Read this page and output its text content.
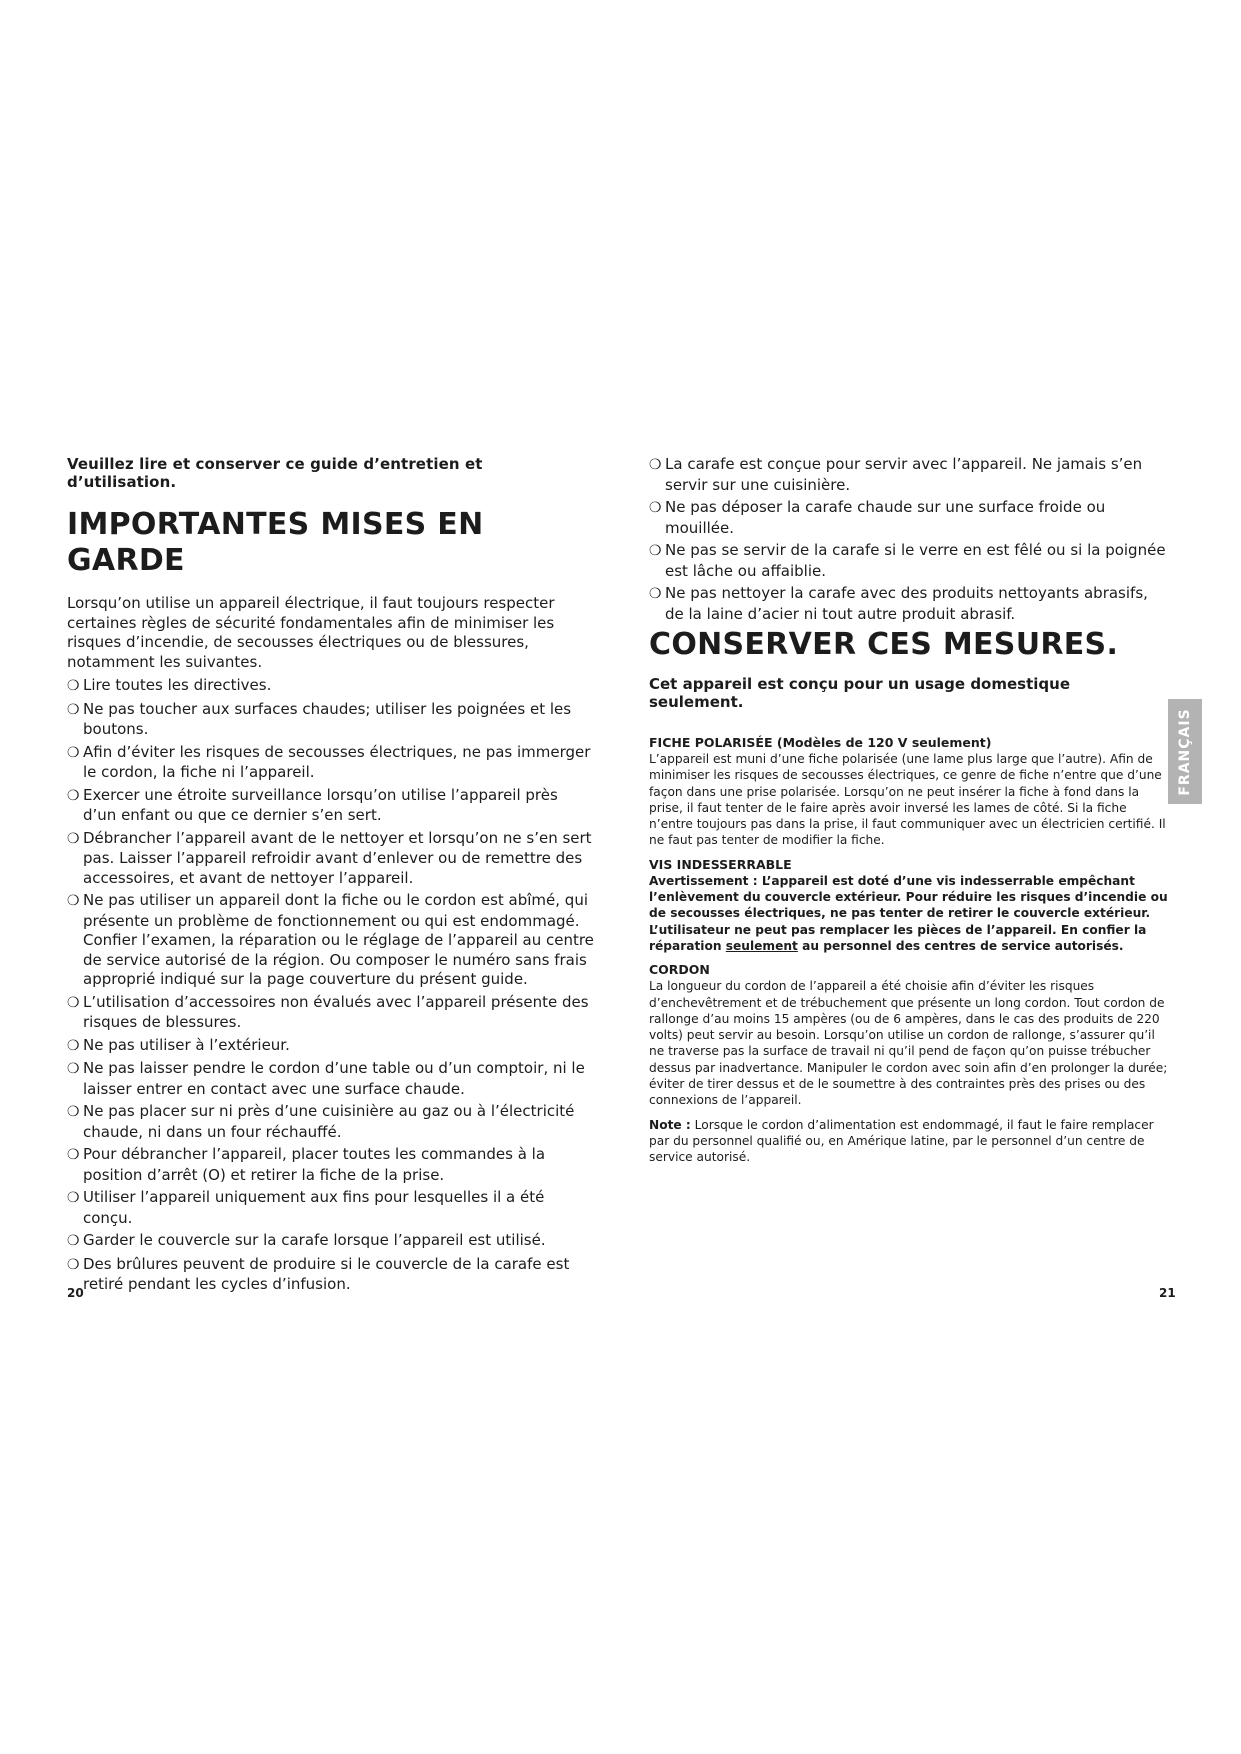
Veuillez lire et conserver ce guide d’entretien et d’utilisation.
IMPORTANTES MISES EN GARDE

Lorsqu’on utilise un appareil électrique, il faut toujours respecter certaines règles de sécurité fondamentales afin de minimiser les risques d’incendie, de secousses électriques ou de blessures, notamment les suivantes.

❍ Lire toutes les directives.
❍ Ne pas toucher aux surfaces chaudes; utiliser les poignées et les boutons.
❍ Afin d’éviter les risques de secousses électriques, ne pas immerger le cordon, la fiche ni l’appareil.
❍ Exercer une étroite surveillance lorsqu’on utilise l’appareil près d’un enfant ou que ce dernier s’en sert.
❍ Débrancher l’appareil avant de le nettoyer et lorsqu’on ne s’en sert pas. Laisser l’appareil refroidir avant d’enlever ou de remettre des accessoires, et avant de nettoyer l’appareil.
❍ Ne pas utiliser un appareil dont la fiche ou le cordon est abîmé, qui présente un problème de fonctionnement ou qui est endommagé. Confier l’examen, la réparation ou le réglage de l’appareil au centre de service autorisé de la région. Ou composer le numéro sans frais approprié indiqué sur la page couverture du présent guide.
❍ L’utilisation d’accessoires non évalués avec l’appareil présente des risques de blessures.
❍ Ne pas utiliser à l’extérieur.
❍ Ne pas laisser pendre le cordon d’une table ou d’un comptoir, ni le laisser entrer en contact avec une surface chaude.
❍ Ne pas placer sur ni près d’une cuisinière au gaz ou à l’électricité chaude, ni dans un four réchauffé.
❍ Pour débrancher l’appareil, placer toutes les commandes à la position d’arrêt (O) et retirer la fiche de la prise.
❍ Utiliser l’appareil uniquement aux fins pour lesquelles il a été conçu.
❍ Garder le couvercle sur la carafe lorsque l’appareil est utilisé.
❍ Des brûlures peuvent de produire si le couvercle de la carafe est retiré pendant les cycles d’infusion.
❍ La carafe est conçue pour servir avec l’appareil. Ne jamais s’en servir sur une cuisinière.
❍ Ne pas déposer la carafe chaude sur une surface froide ou mouillée.
❍ Ne pas se servir de la carafe si le verre en est fêlé ou si la poignée est lâche ou affaiblie.
❍ Ne pas nettoyer la carafe avec des produits nettoyants abrasifs, de la laine d’acier ni tout autre produit abrasif.
CONSERVER CES MESURES.
Cet appareil est conçu pour un usage domestique seulement.

FICHE POLARISÉE (Modèles de 120 V seulement)

L’appareil est muni d’une fiche polarisée (une lame plus large que l’autre). Afin de minimiser les risques de secousses électriques, ce genre de fiche n’entre que d’une façon dans une prise polarisée. Lorsqu’on ne peut insérer la fiche à fond dans la prise, il faut tenter de le faire après avoir inversé les lames de côté. Si la fiche n’entre toujours pas dans la prise, il faut communiquer avec un électricien certifié. Il ne faut pas tenter de modifier la fiche.

VIS INDESSERRABLE

Avertissement : L’appareil est doté d’une vis indesserrable empêchant l’enlèvement du couvercle extérieur. Pour réduire les risques d’incendie ou de secousses électriques, ne pas tenter de retirer le couvercle extérieur. L’utilisateur ne peut pas remplacer les pièces de l’appareil. En confier la réparation seulement au personnel des centres de service autorisés.

CORDON

La longueur du cordon de l’appareil a été choisie afin d’éviter les risques d’enchevêtrement et de trébuchement que présente un long cordon. Tout cordon de rallonge d’au moins 15 ampères (ou de 6 ampères, dans le cas des produits de 220 volts) peut servir au besoin. Lorsqu’on utilise un cordon de rallonge, s’assurer qu’il ne traverse pas la surface de travail ni qu’il pend de façon qu’on puisse trébucher dessus par inadvertance. Manipuler le cordon avec soin afin d’en prolonger la durée; éviter de tirer dessus et de le soumettre à des contraintes près des prises ou des connexions de l’appareil.

Note : Lorsque le cordon d’alimentation est endommagé, il faut le faire remplacer par du personnel qualifié ou, en Amérique latine, par le personnel d’un centre de service autorisé.

FRANÇAIS
20	21
